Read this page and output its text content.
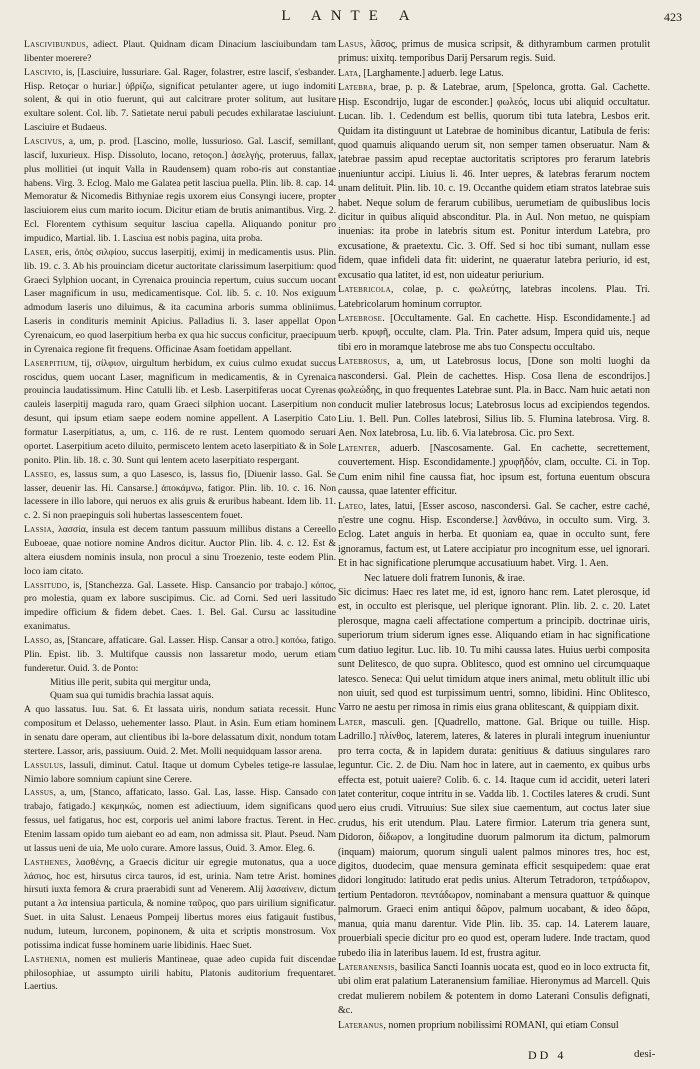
L ANTE A	423

Lascivibundus, adiect. Plaut. Quidnam dicam Dinacium lasciuibundam tam libenter moerere?

Lascivio, is, [Lasciuire, lussuriare. Gal. Rager, folastrer, estre lascif, s'esbander. Hisp. Retoçar o huriar.] ὑβρίζω, significat petulanter agere, ut iugo indomiti solent, & qui in otio fuerunt, qui aut calcitrare proter solitum, aut lusitare exultare solent. Col. lib. 7. Satietate nerui pabuli pecudes exhilaratae lasciuiunt. Lasciuire et Budaeus.

Lascivus, a, um, p. prod. [Lascino, molle, lussurioso. Gal. Lascif, semillant, lascif, luxurieux. Hisp. Dissoluto, locano, retoçon.] ἀσελγής, proteruus, fallax, plus mollitiei (ut inquit Valla in Raudensem) quam robo-ris aut constantiae habens. Virg. 3. Eclog. Malo me Galatea petit lasciua puella. Plin. lib. 8. cap. 14. Memoratur & Nicomedis Bithyniae regis uxorem eius Consyngi iucere, propter lasciuiorem eius cum marito iocum. Dicitur etiam de brutis animantibus. Virg. 2. Ecl. Florentem cythisum sequitur lasciua capella. Aliquando ponitur pro impudico, Martial. lib. 1. Lasciua est nobis pagina, uita proba.

Laser, eris, ὀπὸς σιλφίου, succus laserpitij, eximij in medicamentis usus. Plin. lib. 19. c. 3. Ab his prouinciam dicetur auctoritate clarissimum laserpitium: quod Graeci Sylphion uocant, in Cyrenaica prouincia repertum, cuius succum uocant Laser magnificum in usu, medicamentisque. Col. lib. 5. c. 10. Nos exiguum admodum laseris uno diluimus, & ita cacumina arboris summa obliniimus. Laseris in condituris meminit Apicius. Palladius li. 3. laser appellat Opon Cyrenaicum, eo quod laserpitium herba ex qua hic succus conficitur, praecipuum in Cyrenaica regione fit frequens. Officinae Asam foetidam appellant.

Laserpitium, tij, σίλφιον, uirgultum herbidum, ex cuius culmo exudat succus roscidus, quem uocant Laser, magnificum in medicamentis, & in Cyrenaica prouincia laudatissimum. Hinc Catulli lib. et Lesb. Laserpitiferas uocat Cyrenas cauleis laserpitij maguda raro, quam Graeci silphion uocant. Laserpitium non desunt, qui ipsum etiam saepe eodem nomine appellent. A Laserpitio Cato formatur Laserpitiatus, a, um, c. 116. de re rust. Lentem quomodo seruari oportet. Laserpitium aceto diluito, permisceto lentem aceto laserpitiato & in Sole ponito. Plin. lib. 18. c. 30. Sunt qui lentem aceto laserpitiato respergant.

Lasseo, es, lassus sum, a quo Lasesco, is, lassus fio, [Diuenir lasso. Gal. Se lasser, deuenir las. Hi. Cansarse.] ἀποκάμνω, fatigor. Plin. lib. 10. c. 16. Non lacessere in illo labore, qui neruos ex alis gruis & eruribus habeant. Idem lib. 11. c. 2. Si non praepinguis soli hubertas lassescentem fouet.

Lassia, λασσία, insula est decem tantum passuum millibus distans a Cereello Euboeae, quae notiore nomine Andros dicitur. Auctor Plin. lib. 4. c. 12. Est & altera eiusdem nominis insula, non procul a sinu Troezenio, teste eodem Plin. loco iam citato.

Lassitudo, is, [Stanchezza. Gal. Lassete. Hisp. Cansancio por trabajo.] κόπος, pro molestia, quam ex labore suscipimus. Cic. ad Corni. Sed ueri lassitudo impedire officium & fidem debet. Caes. 1. Bel. Gal. Cursu ac lassitudine exanimatus.

Lasso, as, [Stancare, affaticare. Gal. Lasser. Hisp. Cansar a otro.] κοπόω, fatigo. Plin. Epist. lib. 3. Multifque caussis non lassaretur modo, uerum etiam funderetur. Ouid. 3. de Ponto:

Mitius ille perit, subita qui mergitur unda,

Quam sua qui tumidis brachia lassat aquis.

A quo lassatus. Iuu. Sat. 6. Et lassata uiris, nondum satiata recessit. Hunc compositum et Delasso, uehementer lasso. Plaut. in Asin. Eum etiam hominem in senatu dare operam, aut clientibus ibi la-bore delassatum dixit, nondum totam stertere. Lassor, aris, passiuum. Ouid. 2. Met. Molli nequidquam lassor arena.

Lassulus, lassuli, diminut. Catul. Itaque ut domum Cybeles tetige-re lassulae, Nimio labore somnium capiunt sine Cerere.

Lassus, a, um, [Stanco, affaticato, lasso. Gal. Las, lasse. Hisp. Cansado con trabajo, fatigado.] κεκμηκώς, nomen est adiectiuum, idem significans quod fessus, uel fatigatus, hoc est, corporis uel animi labore fractus. Terent. in Hec. Etenim lassam opido tum aiebant eo ad eam, non admissa sit. Plaut. Pseud. Nam ut lassus ueni de uia, Me uolo curare. Amore lassus, Ouid. 3. Amor. Eleg. 6.

Lasthenes, λασθένης, a Graecis dicitur uir egregie mutonatus, qua a uoce λάσιος, hoc est, hirsutus circa tauros, id est, urinia. Nam tetre Arist. homines hirsuti iuxta femora & crura praerabidi sunt ad Venerem. Alij λασαίνειν, dictum putant a λα intensiua particula, & nomine ταῦρος, quo pars uirilium significatur. Suet. in uita Salust. Lenaeus Pompeij libertus mores eius fatigauit fustibus, nudum, luteum, lurconem, popinonem, & uita et scriptis monstrosum. Vox potissima indicat fusse hominem uarie libidinis. Haec Suet.

Lasthenia, nomen est mulieris Mantineae, quae adeo cupida fuit discendae philosophiae, ut assumpto uirili habitu, Platonis auditorium frequentaret. Laertius.

Lasus, λᾶσος, primus de musica scripsit, & dithyrambum carmen protulit primus: uixitq. temporibus Darij Persarum regis. Suid.

Lata, [Larghamente.] aduerb. lege Latus.

Latebra, brae, p. p. & Latebrae, arum, [Spelonca, grotta. Gal. Cachette. Hisp. Escondrijo, lugar de esconder.] φωλεός, locus ubi aliquid occultatur. Lucan. lib. 1. Cedendum est bellis, quorum tibi tuta latebra, Lesbos erit. Quidam ita distinguunt ut Latebrae de hominibus dicantur, Latibula de feris: quod quamuis aliquando uerum sit, non semper tamen obseruatur. Nam & latebrae passim apud receptae auctoritatis scriptores pro ferarum latebris inueniuntur accipi. Liuius li. 46. Inter uepres, & latebras ferarum noctem unam delituit. Plin. lib. 10. c. 19. Occanthe quidem etiam stratos latebrae suis habet. Neque solum de ferarum cubilibus, uerumetiam de quibuslibus locis dicitur in quibus aliquid absconditur. Pla. in Aul. Non metuo, ne quispiam inuenias: ita probe in latebris situm est. Ponitur interdum Latebra, pro excusatione, & praetextu. Cic. 3. Off. Sed si hoc tibi sumant, nullam esse fidem, quae infideli data fit: uiderint, ne quaeratur latebra periurio, id est, excusatio qua latitet, id est, non uideatur periurium.

Latebricola, colae, p. c. φωλεύτης, latebras incolens. Plau. Tri. Latebricolarum hominum corruptor.

Latebrose. [Occultamente. Gal. En cachette. Hisp. Escondidamente.] ad uerb. κρυφῆ, occulte, clam. Pla. Trin. Pater adsum, Impera quid uis, neque tibi ero in moramque latebrose me abs tuo Conspectu occultabo.

Latebrosus, a, um, ut Latebrosus locus, [Done son molti luoghi da nascondersi. Gal. Plein de cachettes. Hisp. Cosa llena de escondrijos.] φωλεώδης, in quo frequentes Latebrae sunt. Pla. in Bacc. Nam huic aetati non conducit mulier latebrosus locus; Latebrosus locus ad excipiendos tegendos. Liu. 1. Bell. Pun. Colles latebrosi, Silius lib. 5. Flumina latebrosa. Virg. 8. Aen. Nox latebrosa, Lu. lib. 6. Via latebrosa. Cic. pro Sext.

Latenter, aduerb. [Nascosamente. Gal. En cachette, secrettement, couvertement. Hisp. Escondidamente.] χρυφῆδόν, clam, occulte. Ci. in Top. Cum enim nihil fine caussa fiat, hoc ipsum est, fortuna euentum obscura caussa, quae latenter efficitur.

Lateo, lates, latui, [Esser ascoso, nascondersi. Gal. Se cacher, estre caché, n'estre une cognu. Hisp. Esconderse.] λανθάνω, in occulto sum. Virg. 3. Eclog. Latet anguis in herba. Et quoniam ea, quae in occulto sunt, fere ignoramus, factum est, ut Latere accipiatur pro incognitum esse, uel ignorari. Et in hac significatione plerumque accusatiuum habet. Virg. 1. Aen.

Nec latuere doli fratrem Iunonis, & irae.

Sic dicimus: Haec res latet me, id est, ignoro hanc rem. Latet plerosque, id est, in occulto est plerisque, uel plerique ignorant. Plin. lib. 2. c. 20. Latet plerosque, magna caeli affectatione compertum a principib. doctrinae uiris, superiorum trium siderum ignes esse. Aliquando etiam in hac significatione cum datiuo legitur. Luc. lib. 10. Tu mihi caussa lates. Huius uerbi composita sunt Delitesco, de quo supra. Oblitesco, quod est omnino uel circumquaque latesco. Seneca: Qui uelut timidum atque iners animal, metu oblitult illic ubi non uiuit, sed quod est turpissimum uentri, somno, libidini. Hinc Oblitesco, Varro ne aestu per rimosa in rimis eius grana oblitescant, & quippiam dixit.

Later, masculi. gen. [Quadrello, mattone. Gal. Brique ou tuille. Hisp. Ladrillo.] πλίνθος, laterem, lateres, & lateres in plurali integrum inueniuntur pro terra cocta, & in lapidem durata: genitiuus & datiuus singulares raro leguntur. Cic. 2. de Diu. Nam hoc in latere, aut in caemento, ex quibus urbs effecta est, potuit uaiere? Colib. 6. c. 14. Itaque cum id accidit, ueteri lateri latet conteritur, coque intritu in se. Vadda lib. 1. Coctiles lateres & crudi. Sunt uero eius crudi. Vitruuius: Sue silex siue caementum, aut coctus later siue crudus, his erit utendum. Plau. Latere firmior. Laterum tria genera sunt, Didoron, δίδωρον, a longitudine duorum palmorum ita dictum, palmorum (inquam) maiorum, quorum singuli ualent palmos minores tres, hoc est, digitos, duodecim, quae mensura geminata efficit sesquipedem: quae erat didori longitudo: latitudo erat pedis unius. Alterum Tetradoron, τετράδωρον, tertium Pentadoron. πεντάδωρον, nominabant a mensura quattuor & quinque palmorum. Graeci enim antiqui δῶρον, palmum uocabant, & ideo δῶρα, manua, quia manu darentur. Vide Plin. lib. 35. cap. 14. Laterem lauare, prouerbiali specie dicitur pro eo quod est, operam ludere. Inde tractam, quod rubedo ilia in lateribus lauem. Id est, frustra agitur.

Lateranensis, basilica Sancti Ioannis uocata est, quod eo in loco extructa fit, ubi olim erat palatium Lateranensium familiae. Hieronymus ad Marcell. Quis credat mulierem nobilem & potentem in domo Laterani Consulis defignati, &c.

Lateranus, nomen proprium nobilissimi ROMANI, qui etiam Consul

DD 4	desi-
